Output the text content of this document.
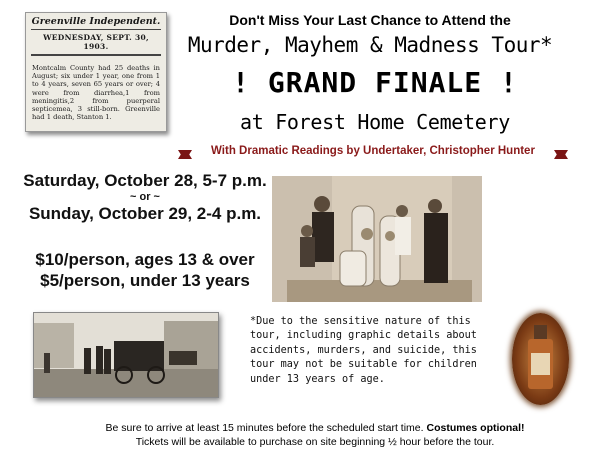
Greenville Independent.
WEDNESDAY, SEPT. 30, 1903.
Montcalm County had 25 deaths in August; six under 1 year, one from 1 to 4 years, seven 65 years or over; 4 were from diarrhea,1 from meningitis,2 from puerperal septicemea, 3 still-born. Greenville had 1 death, Stanton 1.
Don't Miss Your Last Chance to Attend the
Murder, Mayhem & Madness Tour*
! GRAND FINALE !
at Forest Home Cemetery
With Dramatic Readings by Undertaker, Christopher Hunter
Saturday, October 28, 5-7 p.m.
~ or ~
Sunday, October 29, 2-4 p.m.
$10/person, ages 13 & over
$5/person, under 13 years
*Due to the sensitive nature of this tour, including graphic details about accidents, murders, and suicide, this tour may not be suitable for children under 13 years of age.
Be sure to arrive at least 15 minutes before the scheduled start time. Costumes optional!
Tickets will be available to purchase on site beginning ½ hour before the tour.
